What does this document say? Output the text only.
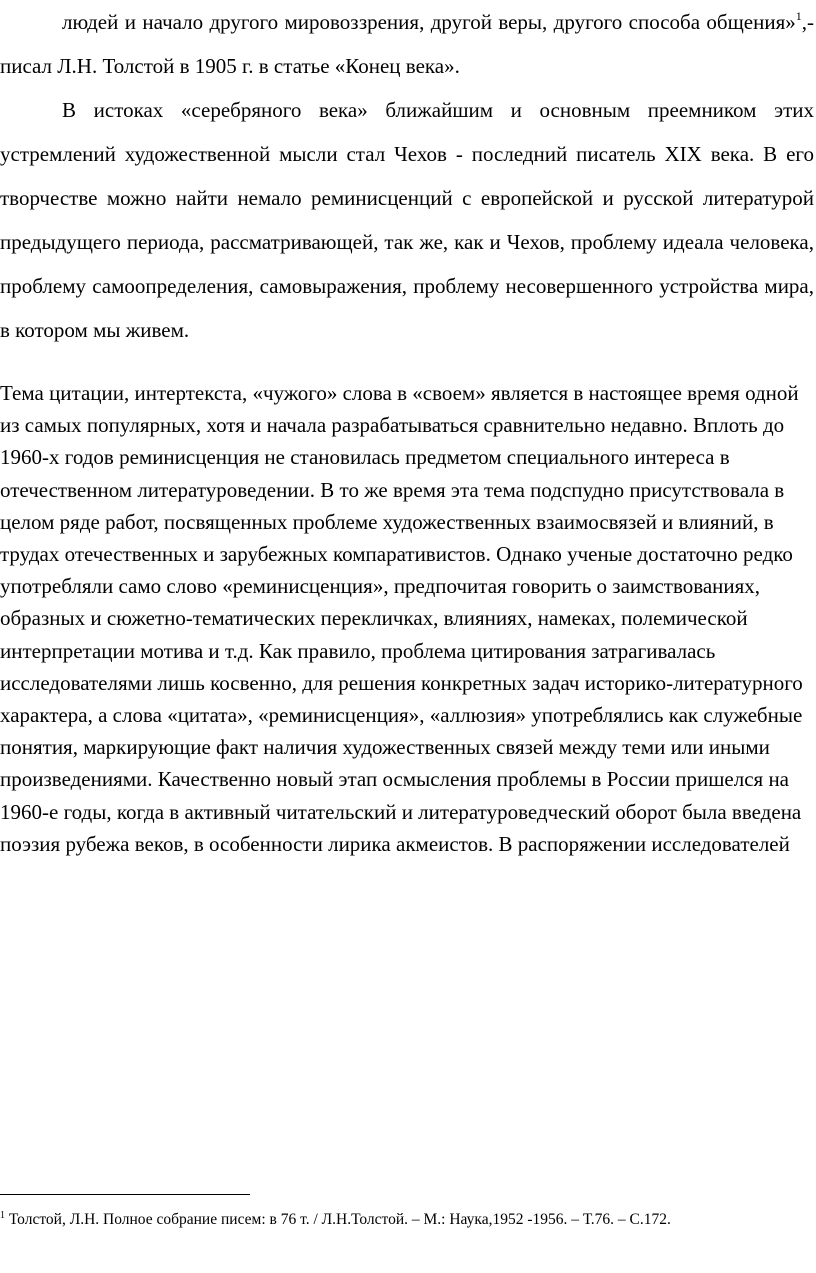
людей и начало другого мировоззрения, другой веры, другого способа общения»$^1$,- писал Л.Н. Толстой в 1905 г. в статье «Конец века».

В истоках «серебряного века» ближайшим и основным преемником этих устремлений художественной мысли стал Чехов - последний писатель XIX века. В его творчестве можно найти немало реминисценций с европейской и русской литературой предыдущего периода, рассматривающей, так же, как и Чехов, проблему идеала человека, проблему самоопределения, самовыражения, проблему несовершенного устройства мира, в котором мы живем.

Тема цитации, интертекста, «чужого» слова в «своем» является в настоящее время одной из самых популярных, хотя и начала разрабатываться сравнительно недавно. Вплоть до 1960-х годов реминисценция не становилась предметом специального интереса в отечественном литературоведении. В то же время эта тема подспудно присутствовала в целом ряде работ, посвященных проблеме художественных взаимосвязей и влияний, в трудах отечественных и зарубежных компаративистов. Однако ученые достаточно редко употребляли само слово «реминисценция», предпочитая говорить о заимствованиях, образных и сюжетно-тематических перекличках, влияниях, намеках, полемической интерпретации мотива и т.д. Как правило, проблема цитирования затрагивалась исследователями лишь косвенно, для решения конкретных задач историко-литературного характера, а слова «цитата», «реминисценция», «аллюзия» употреблялись как служебные понятия, маркирующие факт наличия художественных связей между теми или иными произведениями. Качественно новый этап осмысления проблемы в России пришелся на 1960-е годы, когда в активный читательский и литературоведческий оборот была введена поэзия рубежа веков, в особенности лирика акмеистов. В распоряжении исследователей

$^1$ Толстой, Л.Н. Полное собрание писем: в 76 т. / Л.Н.Толстой. – М.: Наука,1952 -1956. – Т.76. – С.172.
